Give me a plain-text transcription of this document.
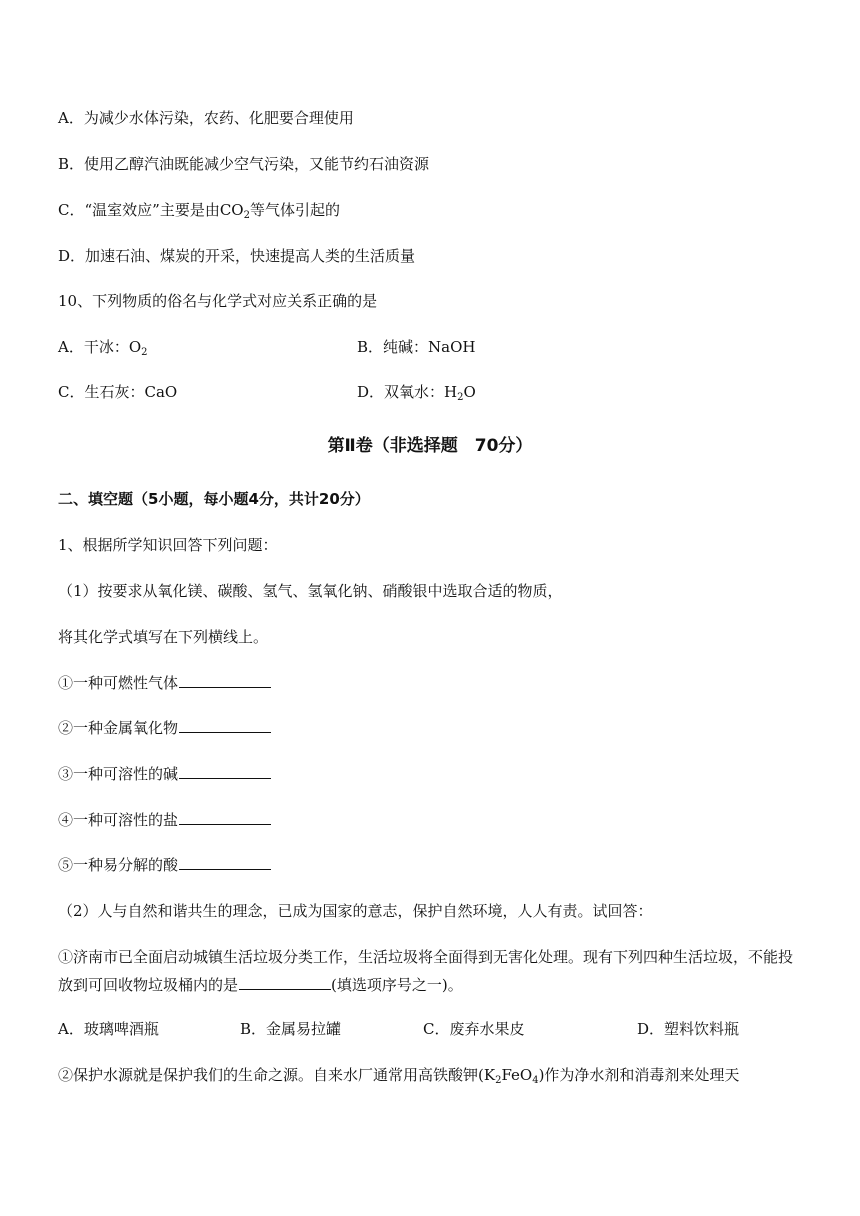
A．为减少水体污染，农药、化肥要合理使用
B．使用乙醇汽油既能减少空气污染，又能节约石油资源
C．“温室效应”主要是由$CO_2$等气体引起的
D．加速石油、煤炭的开采，快速提高人类的生活质量
10、下列物质的俗名与化学式对应关系正确的是
A．干冰：$O_2$	B．纯碱：NaOH
C．生石灰：CaO	D．双氧水：$H_2O$
第Ⅱ卷（非选择题　70分）
二、填空题（5小题，每小题4分，共计20分）
1、根据所学知识回答下列问题：
（1）按要求从氧化镁、碳酸、氢气、氢氧化钠、硝酸银中选取合适的物质，
将其化学式填写在下列横线上。
①一种可燃性气体
②一种金属氧化物
③一种可溶性的碱
④一种可溶性的盐
⑤一种易分解的酸
（2）人与自然和谐共生的理念，已成为国家的意志，保护自然环境，人人有责。试回答：
①济南市已全面启动城镇生活垃圾分类工作，生活垃圾将全面得到无害化处理。现有下列四种生活垃圾，不能投放到可回收物垃圾桶内的是	(填选项序号之一)。
A．玻璃啤酒瓶	B．金属易拉罐	C．废弃水果皮	D．塑料饮料瓶
②保护水源就是保护我们的生命之源。自来水厂通常用高铁酸钾$(K_2FeO_4)$作为净水剂和消毒剂来处理天
